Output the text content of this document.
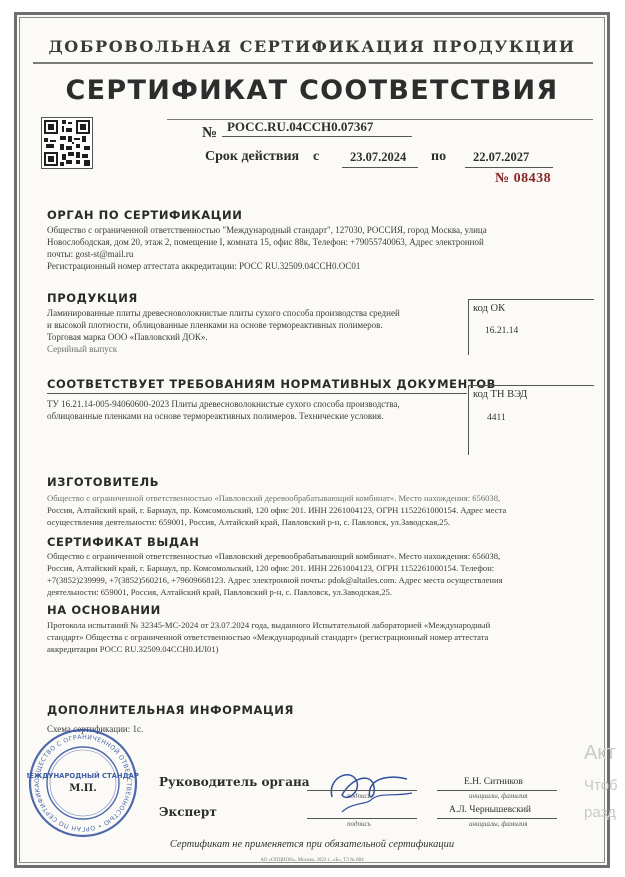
ДОБРОВОЛЬНАЯ СЕРТИФИКАЦИЯ ПРОДУКЦИИ
СЕРТИФИКАТ СООТВЕТСТВИЯ
№ РОСС.RU.04ССН0.07367
Срок действия с 23.07.2024 по 22.07.2027
№ 08438
ОРГАН ПО СЕРТИФИКАЦИИ
Общество с ограниченной ответственностью "Международный стандарт", 127030, РОССИЯ, город Москва, улица
Новослободская, дом 20, этаж 2, помещение I, комната 15, офис 88к, Телефон: +79055740063, Адрес электронной
почты: gost-st@mail.ru
Регистрационный номер аттестата аккредитации: РОСС RU.32509.04ССН0.ОС01
ПРОДУКЦИЯ
Ламинированные плиты древесноволокнистые плиты сухого способа производства средней
и высокой плотности, облицованные пленками на основе термореактивных полимеров.
Торговая марка ООО «Павловский ДОК».
Серийный выпуск
код ОК
16.21.14
СООТВЕТСТВУЕТ ТРЕБОВАНИЯМ НОРМАТИВНЫХ ДОКУМЕНТОВ
ТУ 16.21.14-005-94060600-2023 Плиты древесноволокнистые сухого способа производства,
облицованные пленками на основе термореактивных полимеров. Технические условия.
код ТН ВЭД
4411
ИЗГОТОВИТЕЛЬ
Общество с ограниченной ответственностью «Павловский деревообрабатывающий комбинат». Место нахождения: 656038,
Россия, Алтайский край, г. Барнаул, пр. Комсомольский, 120 офис 201. ИНН 2261004123, ОГРН 1152261000154. Адрес места
осуществления деятельности: 659001, Россия, Алтайский край, Павловский р-н, с. Павловск, ул.Заводская,25.
СЕРТИФИКАТ ВЫДАН
Общество с ограниченной ответственностью «Павловский деревообрабатывающий комбинат». Место нахождения: 656038,
Россия, Алтайский край, г. Барнаул, пр. Комсомольский, 120 офис 201. ИНН 2261004123, ОГРН 1152261000154. Телефон:
+7(3852)239999, +7(3852)560216, +79609668123. Адрес электронной почты: pdok@altailes.com. Адрес места осуществления
деятельности: 659001, Россия, Алтайский край, Павловский р-н, с. Павловск, ул.Заводская,25.
НА ОСНОВАНИИ
Протокола испытаний № 32345-МС-2024 от 23.07.2024 года, выданного Испытательной лабораторией «Международный
стандарт» Общества с ограниченной ответственностью «Международный стандарт» (регистрационный номер аттестата
аккредитации РОСС RU.32509.04ССН0.ИЛ01)
ДОПОЛНИТЕЛЬНАЯ ИНФОРМАЦИЯ
Схема сертификации: 1с.
ОБЩЕСТВО С ОГРАНИЧЕННОЙ ОТВЕТСТВЕННОСТЬЮ • ОРГАН ПО СЕРТИФИКА
ЕЖДУНАРОДНЫЙ СТАНДАР
М.П.	Руководитель органа
Эксперт
подпись
Е.Н. Ситников
инициалы, фамилия
подпись
А.Л. Чернышевский
инициалы, фамилия
Сертификат не применяется при обязательной сертификации
АО «ОПЦИОН», Москва, 2023 г., «Б», Т3 № 884
Акт
Чтоб
разд
